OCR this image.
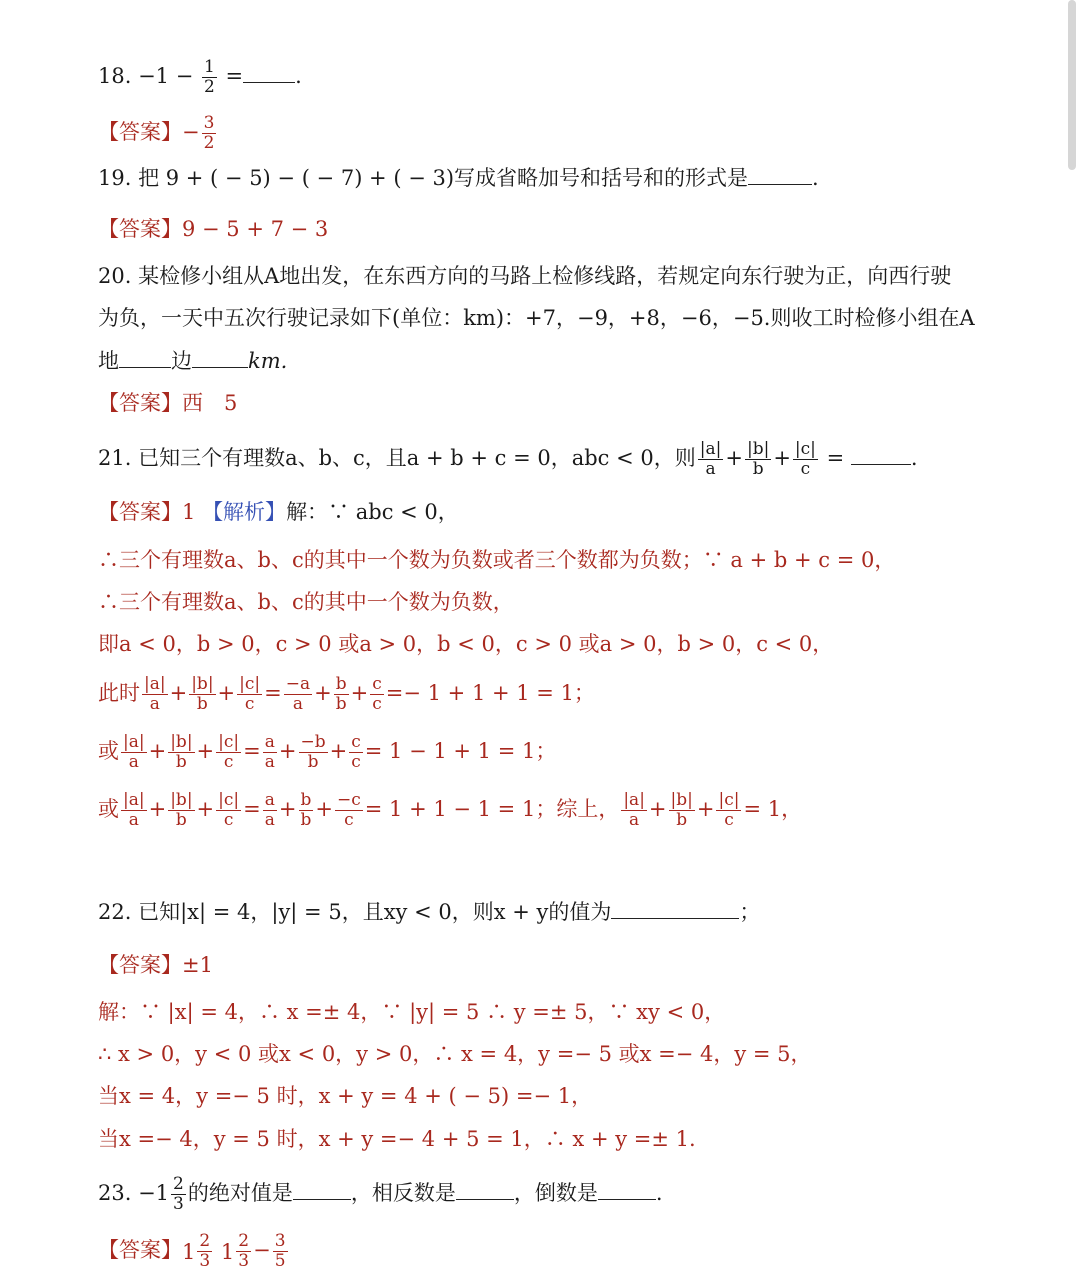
18. $-1 - \frac{1}{2}$ = .
【答案】− $\frac{3}{2}$
19. 把 9 + ( − 5) − ( − 7) + ( − 3)写成省略加号和括号和的形式是	.
【答案】9 − 5 + 7 − 3
20. 某检修小组从A地出发，在东西方向的马路上检修线路，若规定向东行驶为正，向西行驶
为负，一天中五次行驶记录如下(单位：km)：+7，−9，+8，−6，−5.则收工时检修小组在A
地 边	km.
【答案】西　5
21. 已知三个有理数a、b、c，且a + b + c = 0，abc < 0，则 $\frac{|a|}{a} + \frac{|b|}{b} + \frac{|c|}{c}$ =	.
【答案】1 【解析】解：∵ abc < 0，
∴三个有理数a、b、c的其中一个数为负数或者三个数都为负数；∵ a + b + c = 0，
∴三个有理数a、b、c的其中一个数为负数，
即a < 0，b > 0，c > 0 或a > 0，b < 0，c > 0 或a > 0，b > 0，c < 0，
此时 $\frac{|a|}{a} + \frac{|b|}{b} + \frac{|c|}{c} = \frac{-a}{a} + \frac{b}{b} + \frac{c}{c} =- 1 + 1 + 1 = 1$；
或 $\frac{|a|}{a} + \frac{|b|}{b} + \frac{|c|}{c} = \frac{a}{a} + \frac{-b}{b} + \frac{c}{c} = 1 - 1 + 1 = 1$；
或 $\frac{|a|}{a} + \frac{|b|}{b} + \frac{|c|}{c} = \frac{a}{a} + \frac{b}{b} + \frac{-c}{c} = 1 + 1 - 1 = 1$；综上， $\frac{|a|}{a} + \frac{|b|}{b} + \frac{|c|}{c} = 1$，
22. 已知|x| = 4，|y| = 5，且xy < 0，则x + y的值为	；
【答案】±1
解：∵ |x| = 4，∴ x =± 4，∵ |y| = 5 ∴ y =± 5，∵ xy < 0，
∴ x > 0，y < 0 或x < 0，y > 0，∴ x = 4，y =− 5 或x =− 4，y = 5，
当x = 4，y =− 5 时，x + y = 4 + ( − 5) =− 1，
当x =− 4，y = 5 时，x + y =− 4 + 5 = 1，∴ x + y =± 1.
23. $-1 \frac{2}{3}$ 的绝对值是	，相反数是	，倒数是	.
【答案】 1 2
3
1 2
$3 - \frac{3}{5}$
